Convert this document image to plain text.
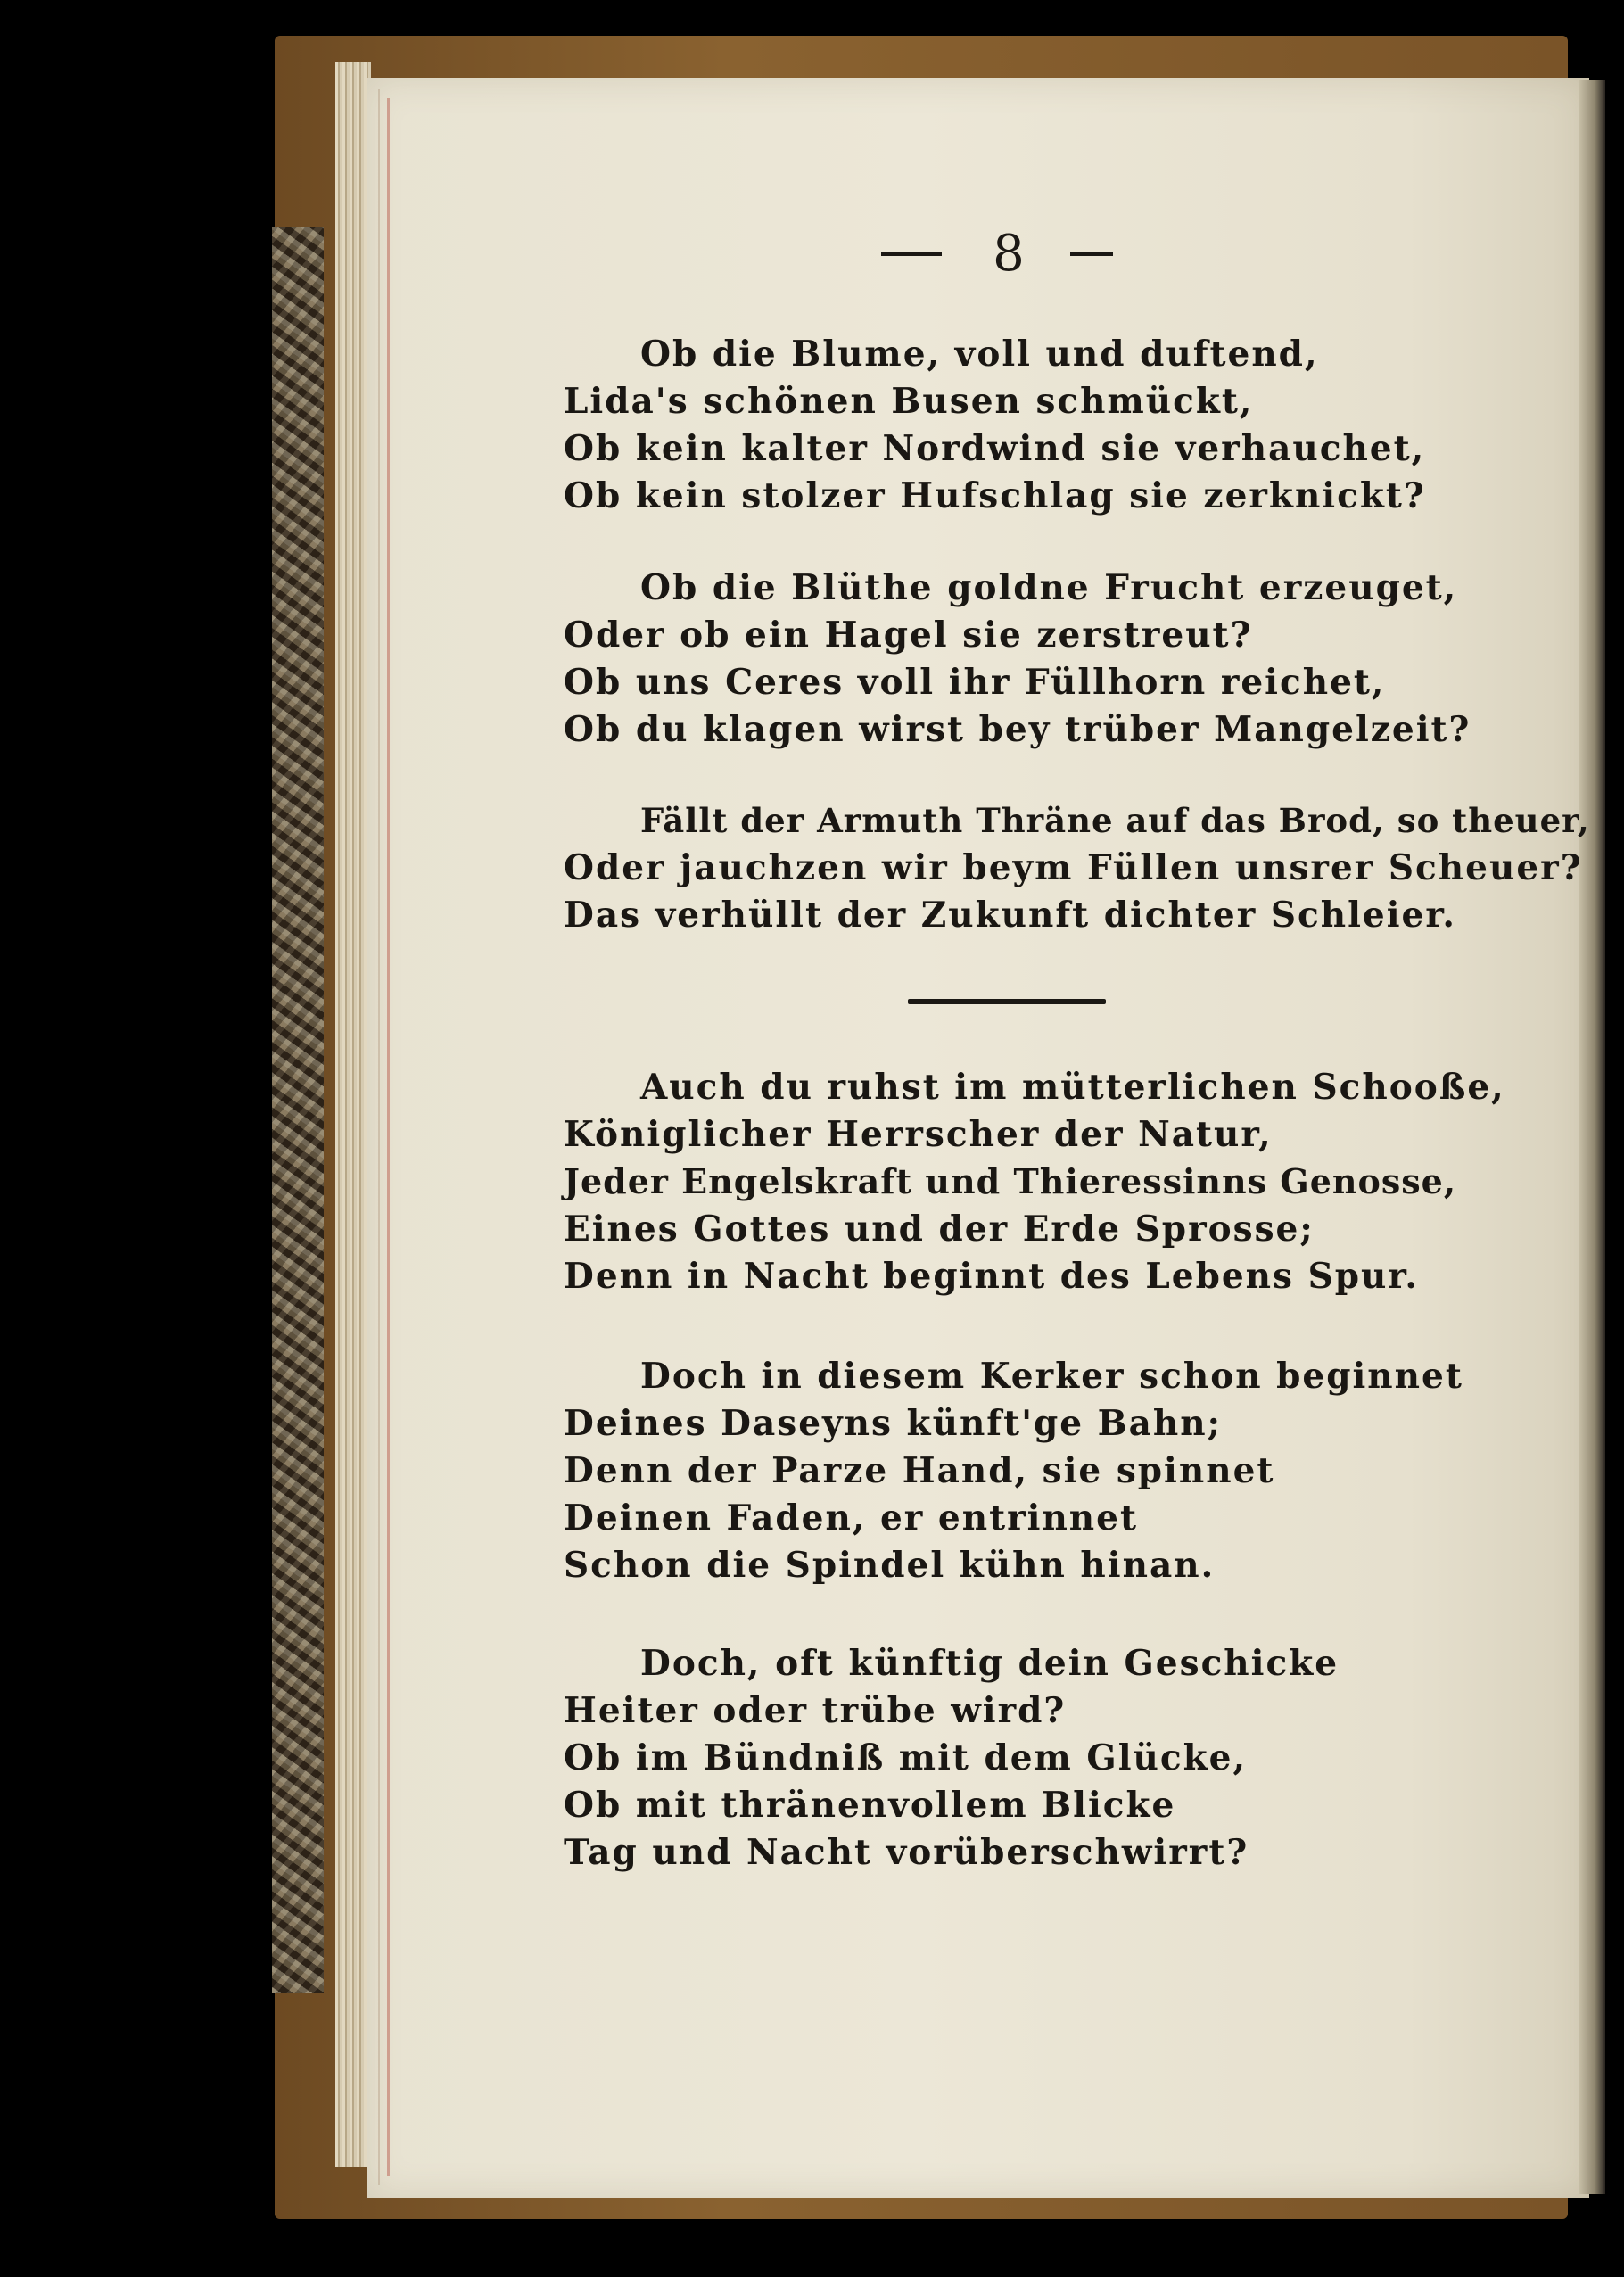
8
Ob die Blume, voll und duftend,
Lida's schönen Busen schmückt,
Ob kein kalter Nordwind sie verhauchet,
Ob kein stolzer Hufschlag sie zerknickt?
Ob die Blüthe goldne Frucht erzeuget,
Oder ob ein Hagel sie zerstreut?
Ob uns Ceres voll ihr Füllhorn reichet,
Ob du klagen wirst bey trüber Mangelzeit?
Fällt der Armuth Thräne auf das Brod, so theuer,
Oder jauchzen wir beym Füllen unsrer Scheuer?
Das verhüllt der Zukunft dichter Schleier.
Auch du ruhst im mütterlichen Schooße,
Königlicher Herrscher der Natur,
Jeder Engelskraft und Thieressinns Genosse,
Eines Gottes und der Erde Sprosse;
Denn in Nacht beginnt des Lebens Spur.
Doch in diesem Kerker schon beginnet
Deines Daseyns künft'ge Bahn;
Denn der Parze Hand, sie spinnet
Deinen Faden, er entrinnet
Schon die Spindel kühn hinan.
Doch, oft künftig dein Geschicke
Heiter oder trübe wird?
Ob im Bündniß mit dem Glücke,
Ob mit thränenvollem Blicke
Tag und Nacht vorüberschwirrt?
